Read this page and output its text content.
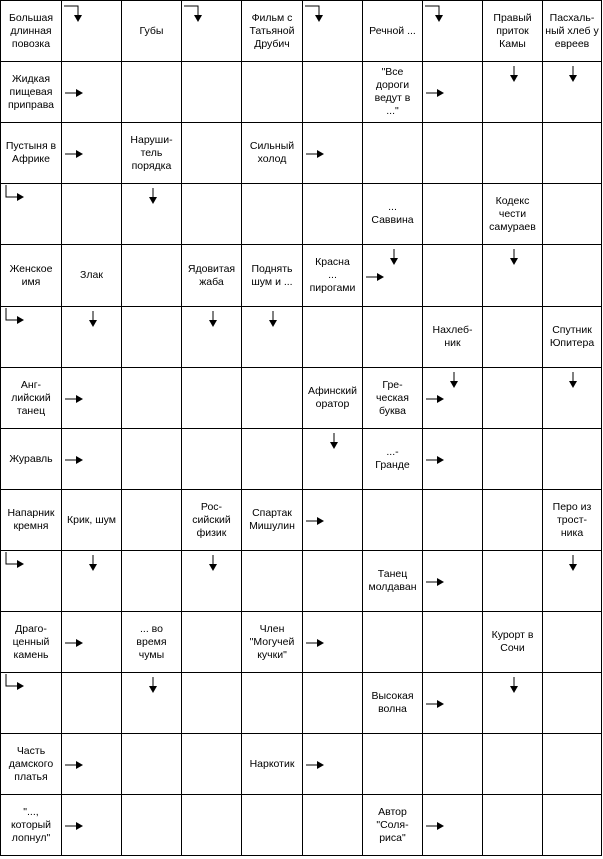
Большая
длинная
повозка
Губы
Фильм с
Татьяной
Друбич
Речной ...
Правый
приток
Камы
Пасхаль-
ный хлеб у
евреев
Жидкая
пищевая
приправа
"Все
дороги
ведут в
..."
Пустыня в
Африке
Наруши-
тель
порядка
Сильный
холод
...
Саввина
Кодекс
чести
самураев
Женское
имя
Злак
Ядовитая
жаба
Поднять
шум и ...
Красна
...
пирогами
Нахлеб-
ник
Спутник
Юпитера
Анг-
лийский
танец
Афинский
оратор
Гре-
ческая
буква
Журавль
...-
Гранде
Напарник
кремня
Крик, шум
Рос-
сийский
физик
Спартак
Мишулин
Перо из
трост-
ника
Танец
молдаван
Драго-
ценный
камень
... во
время
чумы
Член
"Могучей
кучки"
Курорт в
Сочи
Высокая
волна
Часть
дамского
платья
Наркотик
"...,
который
лопнул"
Автор
"Соля-
риса"
